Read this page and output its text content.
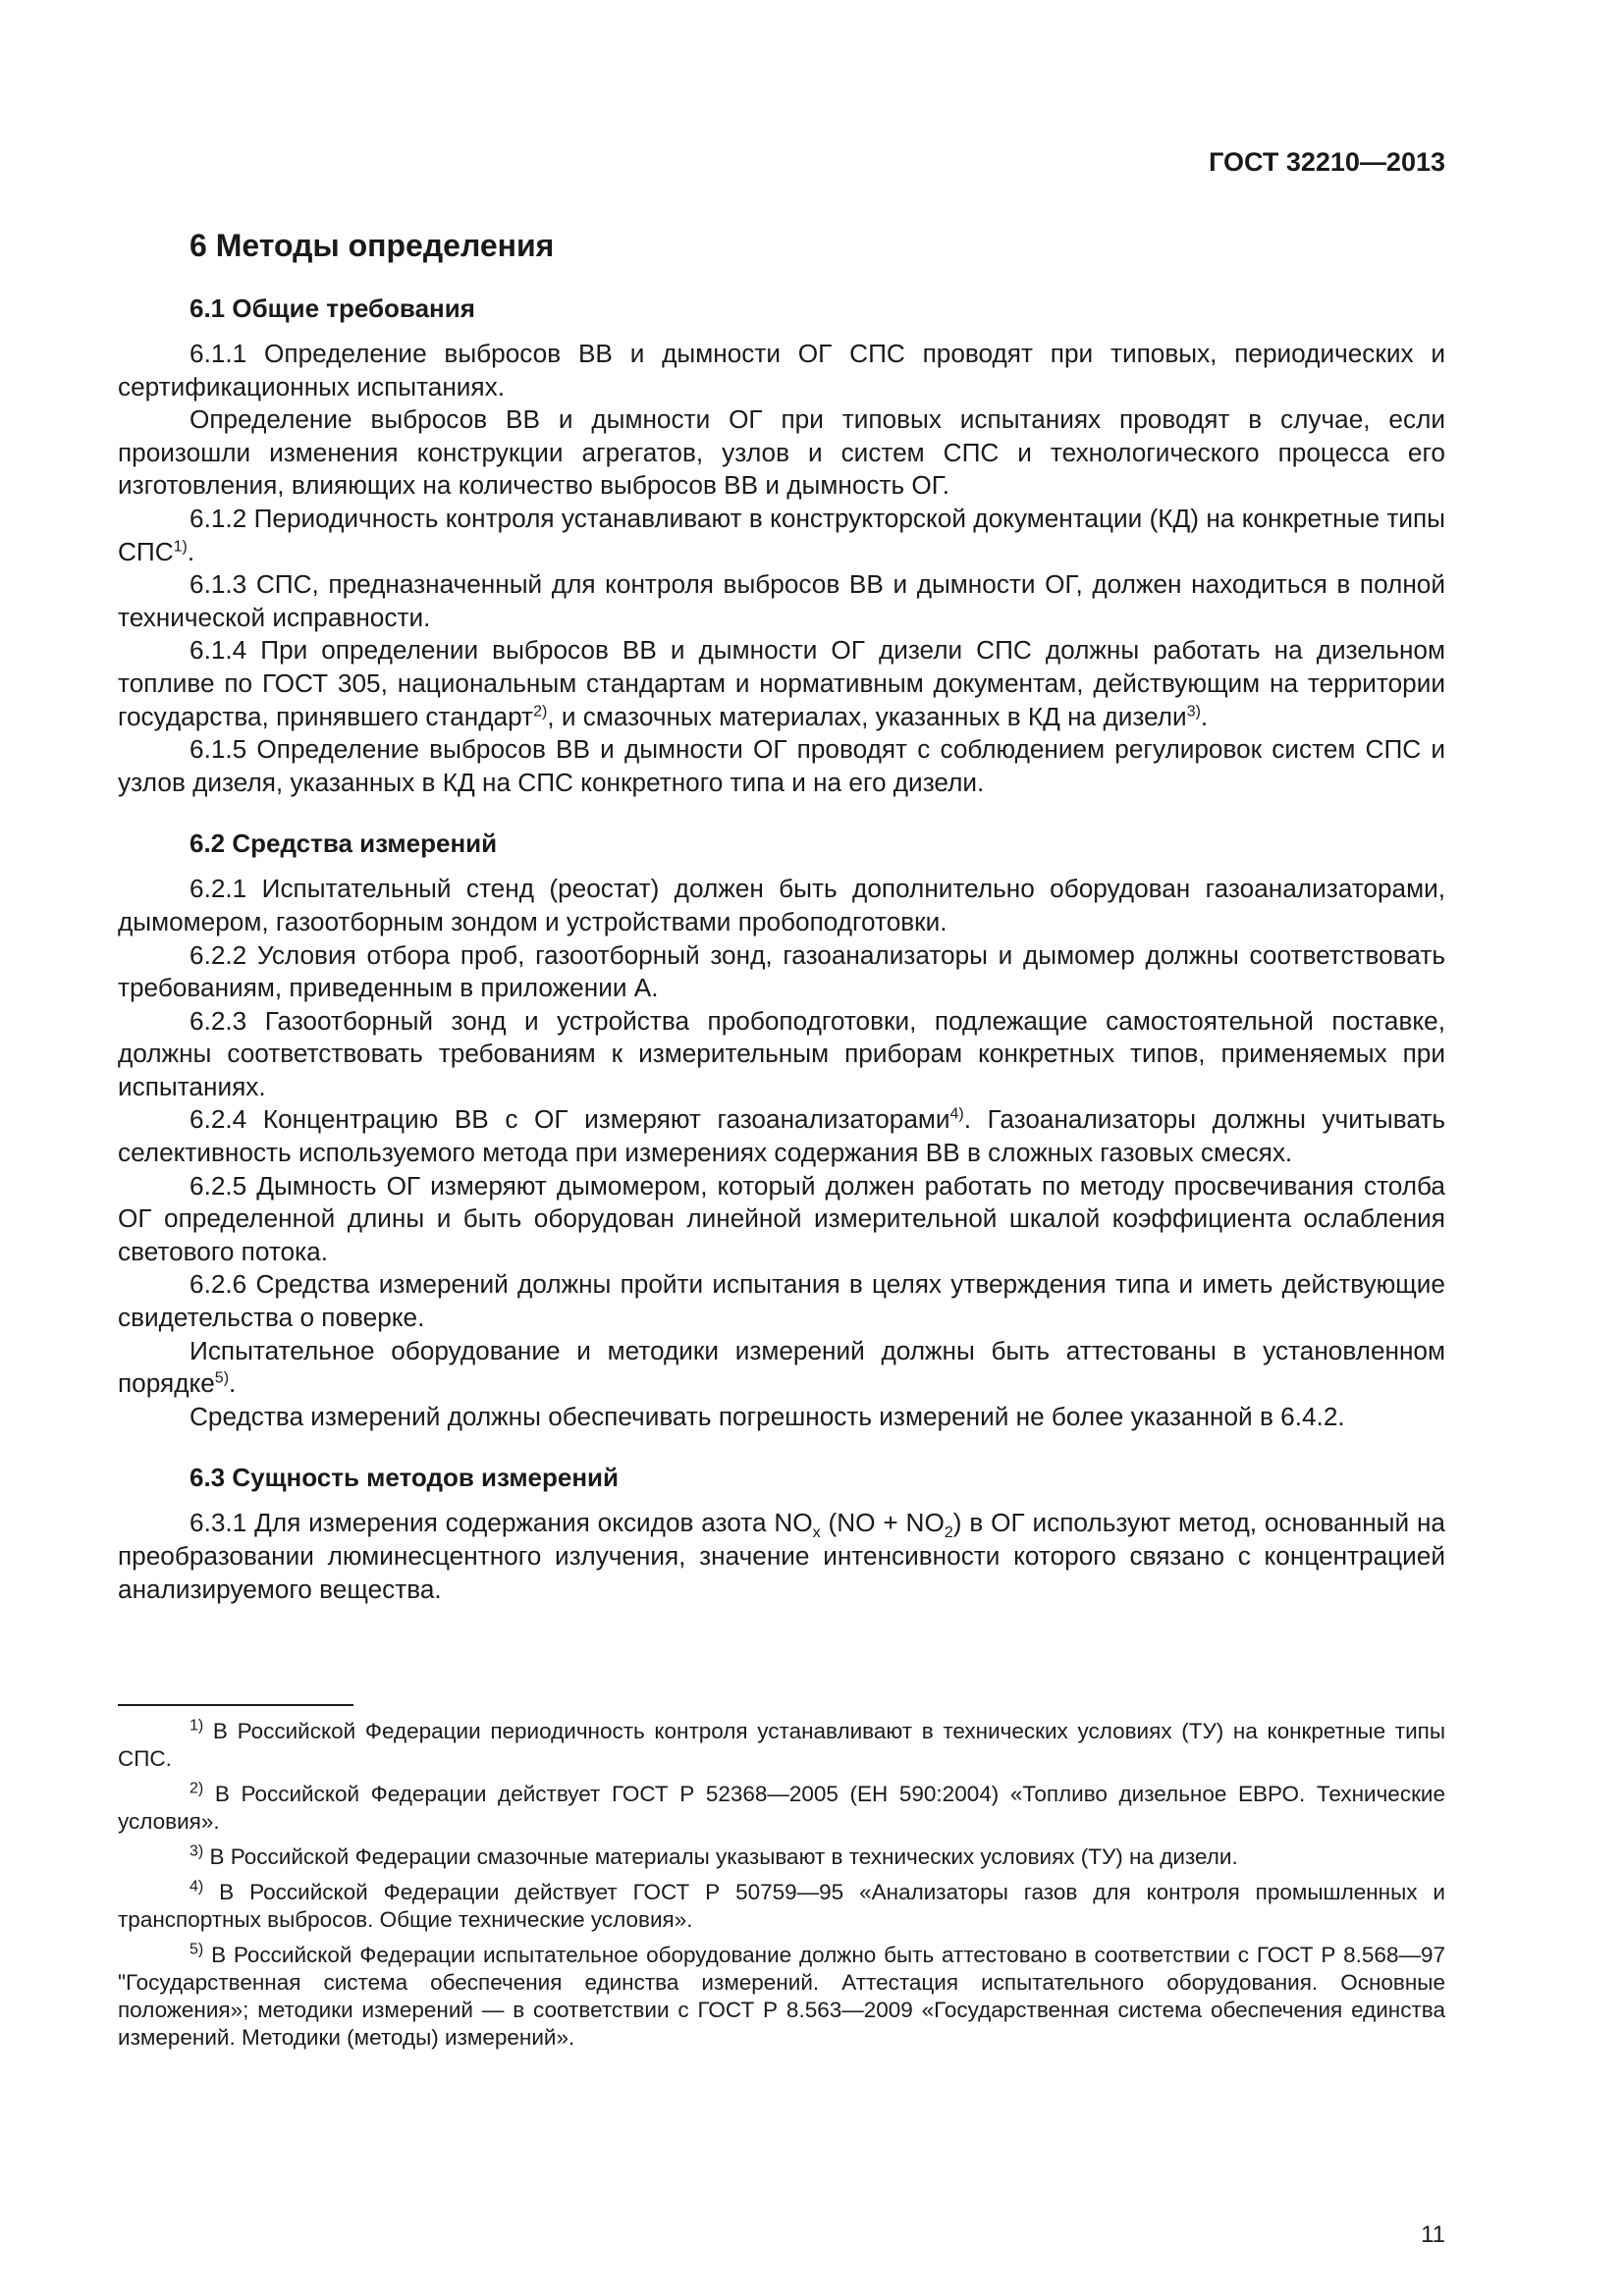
ГОСТ 32210—2013
6 Методы определения
6.1 Общие требования

6.1.1 Определение выбросов ВВ и дымности ОГ СПС проводят при типовых, периодических и сертификационных испытаниях.

Определение выбросов ВВ и дымности ОГ при типовых испытаниях проводят в случае, если произошли изменения конструкции агрегатов, узлов и систем СПС и технологического процесса его изготовления, влияющих на количество выбросов ВВ и дымность ОГ.

6.1.2 Периодичность контроля устанавливают в конструкторской документации (КД) на конкретные типы СПС$^{1)}$.

6.1.3 СПС, предназначенный для контроля выбросов ВВ и дымности ОГ, должен находиться в полной технической исправности.

6.1.4 При определении выбросов ВВ и дымности ОГ дизели СПС должны работать на дизельном топливе по ГОСТ 305, национальным стандартам и нормативным документам, действующим на территории государства, принявшего стандарт$^{2)}$, и смазочных материалах, указанных в КД на дизели$^{3)}$.

6.1.5 Определение выбросов ВВ и дымности ОГ проводят с соблюдением регулировок систем СПС и узлов дизеля, указанных в КД на СПС конкретного типа и на его дизели.

6.2 Средства измерений

6.2.1 Испытательный стенд (реостат) должен быть дополнительно оборудован газоанализаторами, дымомером, газоотборным зондом и устройствами пробоподготовки.

6.2.2 Условия отбора проб, газоотборный зонд, газоанализаторы и дымомер должны соответствовать требованиям, приведенным в приложении А.

6.2.3 Газоотборный зонд и устройства пробоподготовки, подлежащие самостоятельной поставке, должны соответствовать требованиям к измерительным приборам конкретных типов, применяемых при испытаниях.

6.2.4 Концентрацию ВВ с ОГ измеряют газоанализаторами$^{4)}$. Газоанализаторы должны учитывать селективность используемого метода при измерениях содержания ВВ в сложных газовых смесях.

6.2.5 Дымность ОГ измеряют дымомером, который должен работать по методу просвечивания столба ОГ определенной длины и быть оборудован линейной измерительной шкалой коэффициента ослабления светового потока.

6.2.6 Средства измерений должны пройти испытания в целях утверждения типа и иметь действующие свидетельства о поверке.

Испытательное оборудование и методики измерений должны быть аттестованы в установленном порядке$^{5)}$.

Средства измерений должны обеспечивать погрешность измерений не более указанной в 6.4.2.

6.3 Сущность методов измерений

6.3.1 Для измерения содержания оксидов азота $NO_x$ $(NO + NO_2)$ в ОГ используют метод, основанный на преобразовании люминесцентного излучения, значение интенсивности которого связано с концентрацией анализируемого вещества.

$^{1)}$ В Российской Федерации периодичность контроля устанавливают в технических условиях (ТУ) на конкретные типы СПС.

$^{2)}$ В Российской Федерации действует ГОСТ Р 52368—2005 (ЕН 590:2004) «Топливо дизельное ЕВРО. Технические условия».

$^{3)}$ В Российской Федерации смазочные материалы указывают в технических условиях (ТУ) на дизели.

$^{4)}$ В Российской Федерации действует ГОСТ Р 50759—95 «Анализаторы газов для контроля промышленных и транспортных выбросов. Общие технические условия».

$^{5)}$ В Российской Федерации испытательное оборудование должно быть аттестовано в соответствии с ГОСТ Р 8.568—97 "Государственная система обеспечения единства измерений. Аттестация испытательного оборудования. Основные положения»; методики измерений — в соответствии с ГОСТ Р 8.563—2009 «Государственная система обеспечения единства измерений. Методики (методы) измерений».

11
